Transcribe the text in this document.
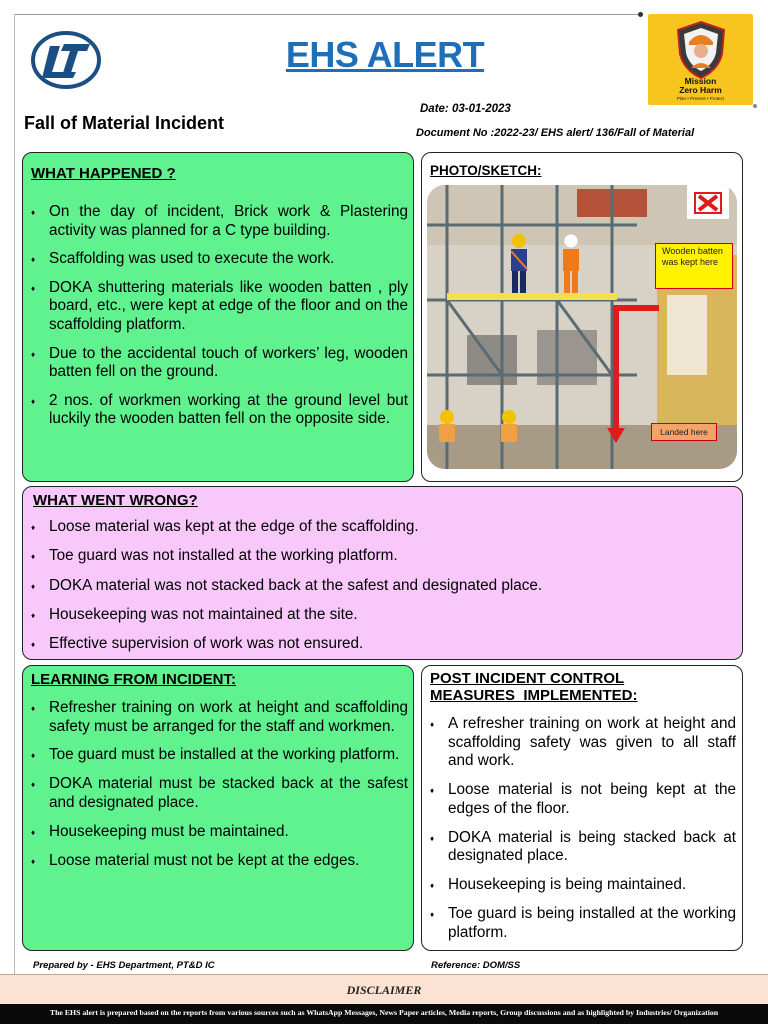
EHS ALERT
Mission
Zero Harm
Plan • Prevent • Protect
Date: 03-01-2023
Fall of Material Incident	Document No :2022-23/ EHS alert/ 136/Fall of Material
WHAT HAPPENED ?
♦ On the day of incident, Brick work & Plastering activity was planned for a C type building.
♦ Scaffolding was used to execute the work.
♦ DOKA shuttering materials like wooden batten , ply board, etc., were kept at edge of the floor and on the scaffolding platform.
♦ Due to the accidental touch of workers’ leg, wooden batten fell on the ground.
♦ 2 nos. of workmen working at the ground level but luckily the wooden batten fell on the opposite side.
PHOTO/SKETCH:
Wooden batten was kept here
Landed here
WHAT WENT WRONG?
♦ Loose material was kept at the edge of the scaffolding.
♦ Toe guard was not installed at the working platform.
♦ DOKA material was not stacked back at the safest and designated place.
♦ Housekeeping was not maintained at the site.
♦ Effective supervision of work was not ensured.
LEARNING FROM INCIDENT:
♦ Refresher training on work at height and scaffolding safety must be arranged for the staff and workmen.
♦ Toe guard must be installed at the working platform.
♦ DOKA material must be stacked back at the safest and designated place.
♦ Housekeeping must be maintained.
♦ Loose material must not be kept at the edges.
POST INCIDENT CONTROL
MEASURES  IMPLEMENTED:
♦ A refresher training on work at height and scaffolding safety was given to all staff and work.
♦ Loose material is not being kept at the edges of the floor.
♦ DOKA material is being stacked back at designated place.
♦ Housekeeping is being maintained.
♦ Toe guard is being installed at the working platform.
Prepared by - EHS Department, PT&D IC	Reference: DOM/SS
DISCLAIMER
The EHS alert is prepared based on the reports from various sources such as WhatsApp Messages, News Paper articles, Media reports, Group discussions and as highlighted by Industries/ Organization
